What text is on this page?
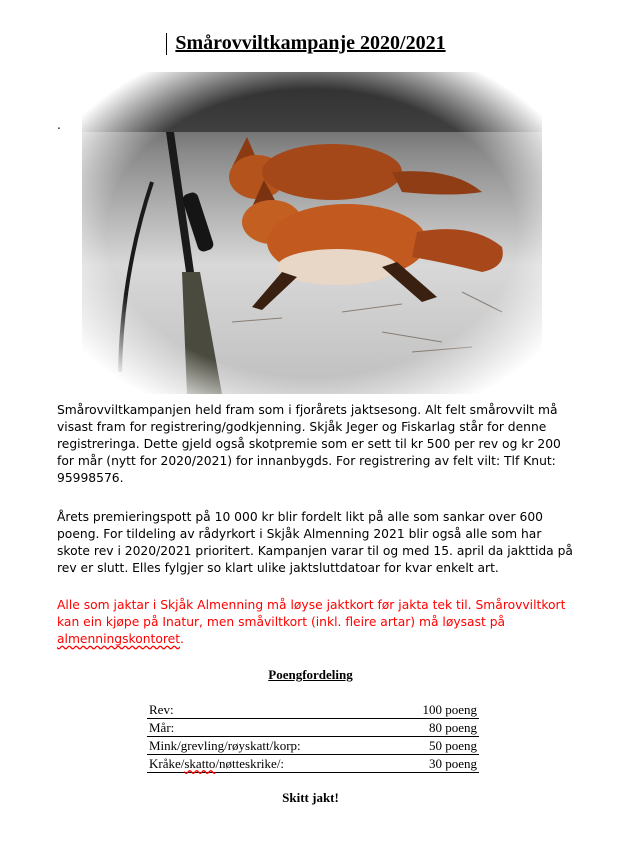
Smårovviltkampanje 2020/2021
.

Smårovviltkampanjen held fram som i fjorårets jaktsesong. Alt felt smårovvilt må visast fram for registrering/godkjenning. Skjåk Jeger og Fiskarlag står for denne registreringa. Dette gjeld også skotpremie som er sett til kr 500 per rev og kr 200 for mår (nytt for 2020/2021) for innanbygds. For registrering av felt vilt: Tlf Knut: 95998576.

Årets premieringspott på 10 000 kr blir fordelt likt på alle som sankar over 600 poeng. For tildeling av rådyrkort i Skjåk Almenning 2021 blir også alle som har skote rev i 2020/2021 prioritert. Kampanjen varar til og med 15. april da jakttida på rev er slutt. Elles fylgjer so klart ulike jaktsluttdatoar for kvar enkelt art.

Alle som jaktar i Skjåk Almenning må løyse jaktkort før jakta tek til. Smårovviltkort kan ein kjøpe på Inatur, men småviltkort (inkl. fleire artar) må løysast på almenningskontoret.

Poengfordeling
Rev:	100 poeng
Mår:	80 poeng
Mink/grevling/røyskatt/korp:	50 poeng
Kråke/skatto/nøtteskrike/:	30 poeng
Skitt jakt!
